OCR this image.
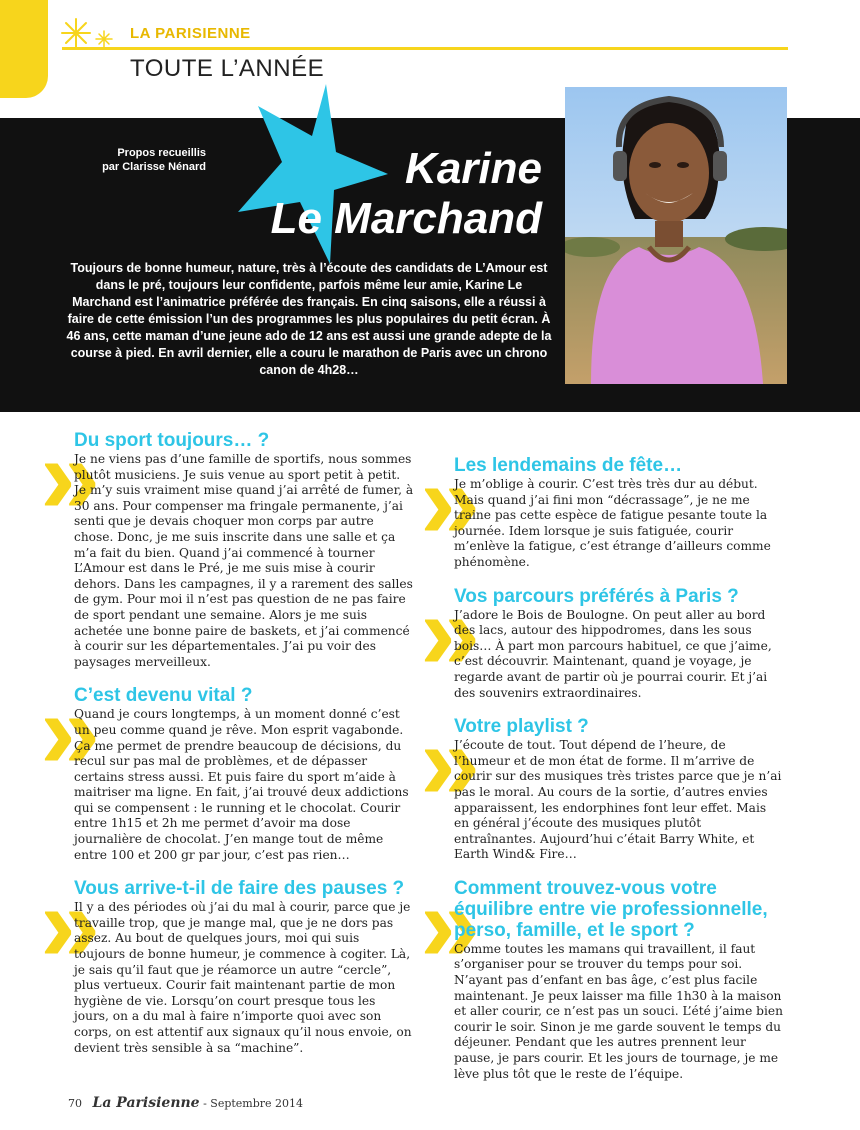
LA PARISIENNE
TOUTE L’ANNÉE
Propos recueillis
par Clarisse Nénard	Karine
Le Marchand
Toujours de bonne humeur, nature, très à l’écoute des candidats de L’Amour est dans le pré, toujours leur confidente, parfois même leur amie, Karine Le Marchand est l’animatrice préférée des français. En cinq saisons, elle a réussi à faire de cette émission l’un des programmes les plus populaires du petit écran. À 46 ans, cette maman d’une jeune ado de 12 ans est aussi une grande adepte de la course à pied. En avril dernier, elle a couru le marathon de Paris avec un chrono canon de 4h28…
»
Du sport toujours… ?

Je ne viens pas d’une famille de sportifs, nous sommes plutôt musiciens. Je suis venue au sport petit à petit. Je m’y suis vraiment mise quand j’ai arrêté de fumer, à 30 ans. Pour compenser ma fringale permanente, j’ai senti que je devais choquer mon corps par autre chose. Donc, je me suis inscrite dans une salle et ça m’a fait du bien. Quand j’ai commencé à tourner L’Amour est dans le Pré, je me suis mise à courir dehors. Dans les campagnes, il y a rarement des salles de gym. Pour moi il n’est pas question de ne pas faire de sport pendant une semaine. Alors je me suis achetée une bonne paire de baskets, et j’ai commencé à courir sur les départementales. J’ai pu voir des paysages merveilleux.

»
C’est devenu vital ?

Quand je cours longtemps, à un moment donné c’est un peu comme quand je rêve. Mon esprit vagabonde. Ça me permet de prendre beaucoup de décisions, du recul sur pas mal de problèmes, et de dépasser certains stress aussi. Et puis faire du sport m’aide à maitriser ma ligne. En fait, j’ai trouvé deux addictions qui se compensent : le running et le chocolat. Courir entre 1h15 et 2h me permet d’avoir ma dose journalière de chocolat. J’en mange tout de même entre 100 et 200 gr par jour, c’est pas rien…

»
Vous arrive-t-il de faire des pauses ?

Il y a des périodes où j’ai du mal à courir, parce que je travaille trop, que je mange mal, que je ne dors pas assez. Au bout de quelques jours, moi qui suis toujours de bonne humeur, je commence à cogiter. Là, je sais qu’il faut que je réamorce un autre “cercle”, plus vertueux. Courir fait maintenant partie de mon hygiène de vie. Lorsqu’on court presque tous les jours, on a du mal à faire n’importe quoi avec son corps, on est attentif aux signaux qu’il nous envoie, on devient très sensible à sa “machine”.

»
Les lendemains de fête…

Je m’oblige à courir. C’est très très dur au début. Mais quand j’ai fini mon “décrassage”, je ne me traine pas cette espèce de fatigue pesante toute la journée. Idem lorsque je suis fatiguée, courir m’enlève la fatigue, c’est étrange d’ailleurs comme phénomène.

»
Vos parcours préférés à Paris ?

J’adore le Bois de Boulogne. On peut aller au bord des lacs, autour des hippodromes, dans les sous bois… À part mon parcours habituel, ce que j’aime, c’est découvrir. Maintenant, quand je voyage, je regarde avant de partir où je pourrai courir. Et j’ai des souvenirs extraordinaires.

»
Votre playlist ?

J’écoute de tout. Tout dépend de l’heure, de l’humeur et de mon état de forme. Il m’arrive de courir sur des musiques très tristes parce que je n’ai pas le moral. Au cours de la sortie, d’autres envies apparaissent, les endorphines font leur effet. Mais en général j’écoute des musiques plutôt entraînantes. Aujourd’hui c’était Barry White, et Earth Wind& Fire…

»
Comment trouvez-vous votre équilibre entre vie professionnelle, perso, famille, et le sport ?

Comme toutes les mamans qui travaillent, il faut s’organiser pour se trouver du temps pour soi. N’ayant pas d’enfant en bas âge, c’est plus facile maintenant. Je peux laisser ma fille 1h30 à la maison et aller courir, ce n’est pas un souci. L’été j’aime bien courir le soir. Sinon je me garde souvent le temps du déjeuner. Pendant que les autres prennent leur pause, je pars courir. Et les jours de tournage, je me lève plus tôt que le reste de l’équipe.

70 La Parisienne - Septembre 2014
